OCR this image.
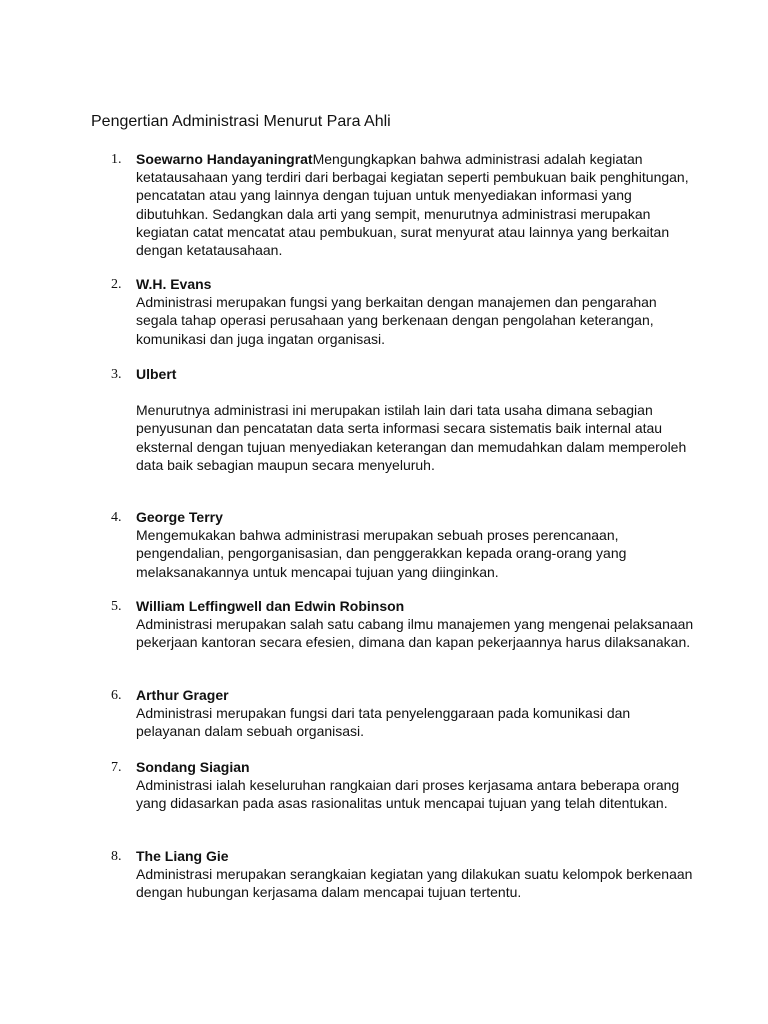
Pengertian Administrasi Menurut Para Ahli
1. Soewarno HandayaningratMengungkapkan bahwa administrasi adalah kegiatan ketatausahaan yang terdiri dari berbagai kegiatan seperti pembukuan baik penghitungan, pencatatan atau yang lainnya dengan tujuan untuk menyediakan informasi yang dibutuhkan. Sedangkan dala arti yang sempit, menurutnya administrasi merupakan kegiatan catat mencatat atau pembukuan, surat menyurat atau lainnya yang berkaitan dengan ketatausahaan.
2. W.H. Evans
Administrasi merupakan fungsi yang berkaitan dengan manajemen dan pengarahan segala tahap operasi perusahaan yang berkenaan dengan pengolahan keterangan, komunikasi dan juga ingatan organisasi.
3. Ulbert
Menurutnya administrasi ini merupakan istilah lain dari tata usaha dimana sebagian penyusunan dan pencatatan data serta informasi secara sistematis baik internal atau eksternal dengan tujuan menyediakan keterangan dan memudahkan dalam memperoleh data baik sebagian maupun secara menyeluruh.
4. George Terry
Mengemukakan bahwa administrasi merupakan sebuah proses perencanaan, pengendalian, pengorganisasian, dan penggerakkan kepada orang-orang yang melaksanakannya untuk mencapai tujuan yang diinginkan.
5. William Leffingwell dan Edwin Robinson
Administrasi merupakan salah satu cabang ilmu manajemen yang mengenai pelaksanaan pekerjaan kantoran secara efesien, dimana dan kapan pekerjaannya harus dilaksanakan.
6. Arthur Grager
Administrasi merupakan fungsi dari tata penyelenggaraan pada komunikasi dan pelayanan dalam sebuah organisasi.
7. Sondang Siagian
Administrasi ialah keseluruhan rangkaian dari proses kerjasama antara beberapa orang yang didasarkan pada asas rasionalitas untuk mencapai tujuan yang telah ditentukan.
8. The Liang Gie
Administrasi merupakan serangkaian kegiatan yang dilakukan suatu kelompok berkenaan dengan hubungan kerjasama dalam mencapai tujuan tertentu.
